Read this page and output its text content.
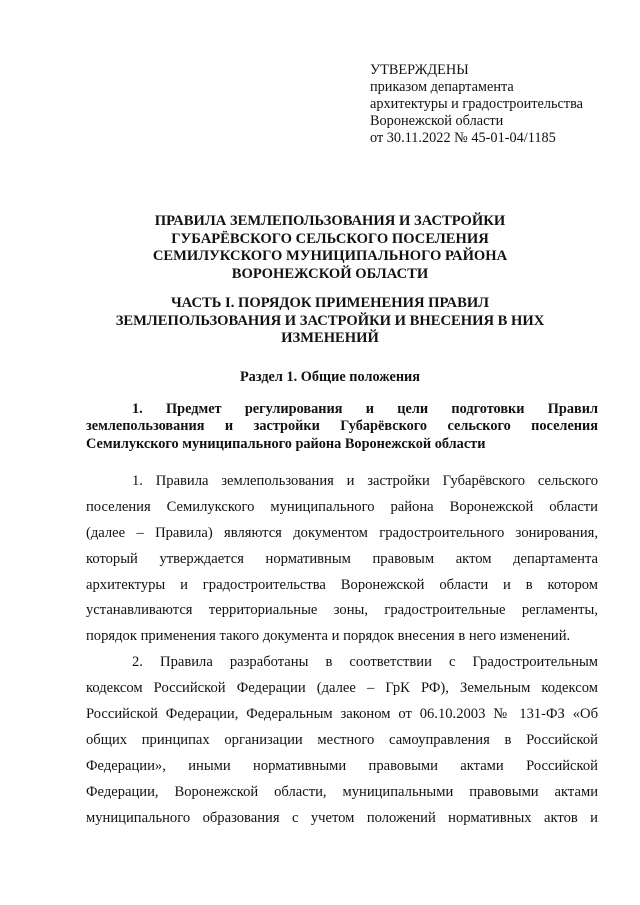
УТВЕРЖДЕНЫ
приказом департамента
архитектуры и градостроительства
Воронежской области
от 30.11.2022 № 45-01-04/1185
ПРАВИЛА ЗЕМЛЕПОЛЬЗОВАНИЯ И ЗАСТРОЙКИ
ГУБАРЁВСКОГО СЕЛЬСКОГО ПОСЕЛЕНИЯ
СЕМИЛУКСКОГО МУНИЦИПАЛЬНОГО РАЙОНА
ВОРОНЕЖСКОЙ ОБЛАСТИ
ЧАСТЬ I. ПОРЯДОК ПРИМЕНЕНИЯ ПРАВИЛ
ЗЕМЛЕПОЛЬЗОВАНИЯ И ЗАСТРОЙКИ И ВНЕСЕНИЯ В НИХ
ИЗМЕНЕНИЙ
Раздел 1. Общие положения
1. Предмет регулирования и цели подготовки Правил
землепользования и застройки Губарёвского сельского поселения
Семилукского муниципального района Воронежской области
1. Правила землепользования и застройки Губарёвского сельского
поселения Семилукского муниципального района Воронежской области
(далее – Правила) являются документом градостроительного зонирования,
который утверждается нормативным правовым актом департамента
архитектуры и градостроительства Воронежской области и в котором
устанавливаются территориальные зоны, градостроительные регламенты,
порядок применения такого документа и порядок внесения в него изменений.
2. Правила разработаны в соответствии с Градостроительным
кодексом Российской Федерации (далее – ГрК РФ), Земельным кодексом
Российской Федерации, Федеральным законом от 06.10.2003 № 131-ФЗ «Об
общих принципах организации местного самоуправления в Российской
Федерации», иными нормативными правовыми актами Российской
Федерации, Воронежской области, муниципальными правовыми актами
муниципального образования с учетом положений нормативных актов и
